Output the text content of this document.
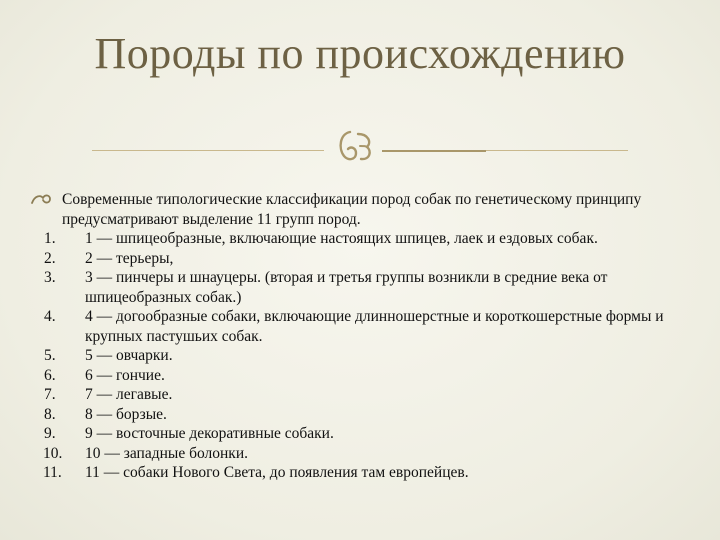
Породы по происхождению
Современные типологические классификации пород собак по генетическому принципу предусматривают выделение 11 групп пород.
1.	1 — шпицеобразные, включающие настоящих шпицев, лаек и ездовых собак.
2.	2 — терьеры,
3.	3 — пинчеры и шнауцеры. (вторая и третья группы возникли в средние века от шпицеобразных собак.)
4.	4 — догообразные собаки, включающие длинношерстные и короткошерстные формы и крупных пастушьих собак.
5.	5 — овчарки.
6.	6 — гончие.
7.	7 — легавые.
8.	8 — борзые.
9.	9 — восточные декоративные собаки.
10.	10 — западные болонки.
11.	11 — собаки Нового Света, до появления там европейцев.
